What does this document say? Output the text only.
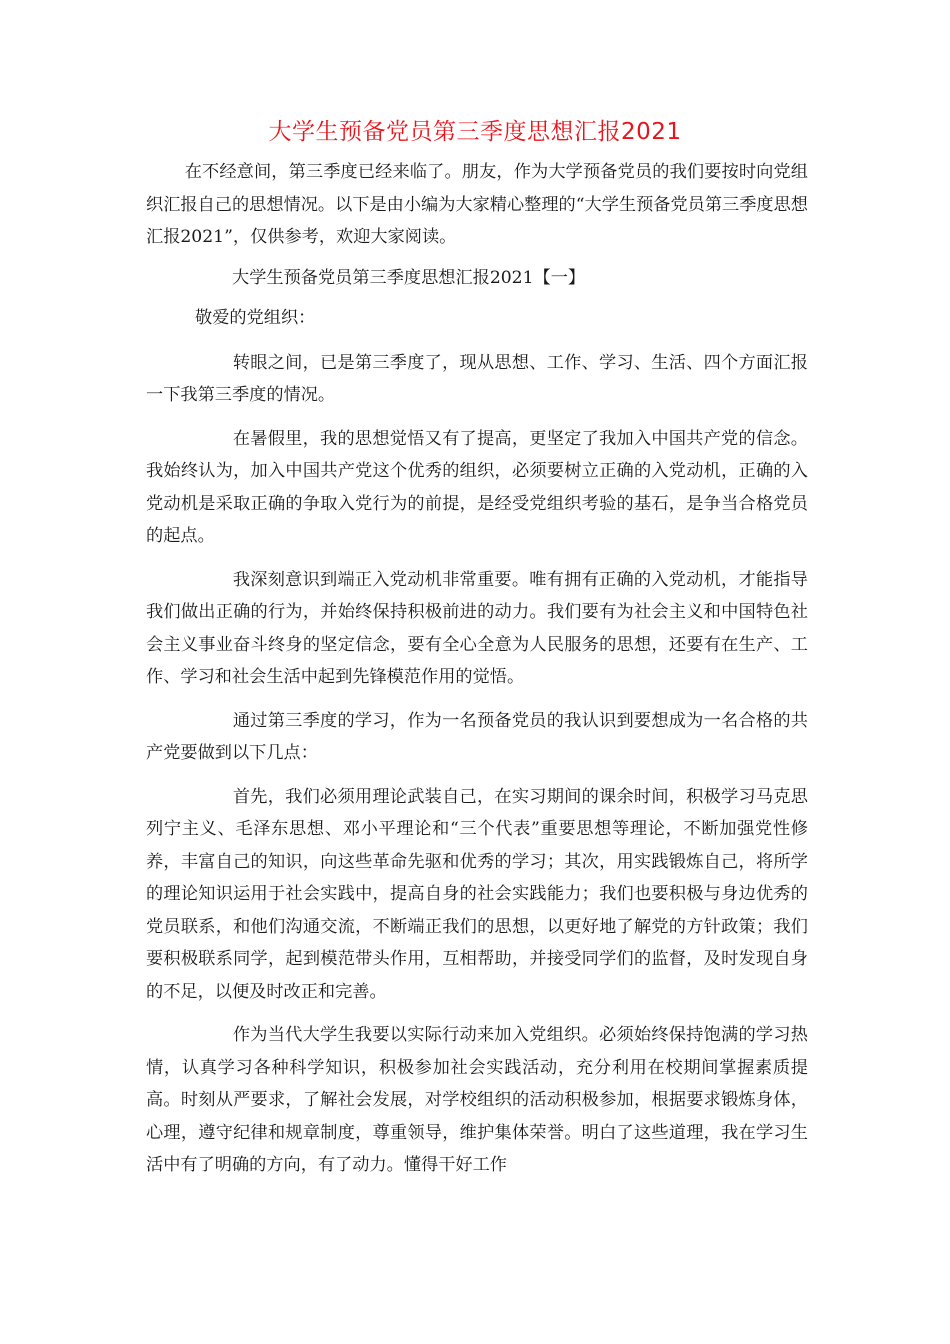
大学生预备党员第三季度思想汇报2021

在不经意间，第三季度已经来临了。朋友，作为大学预备党员的我们要按时向党组织汇报自己的思想情况。以下是由小编为大家精心整理的“大学生预备党员第三季度思想汇报2021”，仅供参考，欢迎大家阅读。

大学生预备党员第三季度思想汇报2021【一】

敬爱的党组织：

转眼之间，已是第三季度了，现从思想、工作、学习、生活、四个方面汇报一下我第三季度的情况。

在暑假里，我的思想觉悟又有了提高，更坚定了我加入中国共产党的信念。我始终认为，加入中国共产党这个优秀的组织，必须要树立正确的入党动机，正确的入党动机是采取正确的争取入党行为的前提，是经受党组织考验的基石，是争当合格党员的起点。

我深刻意识到端正入党动机非常重要。唯有拥有正确的入党动机，才能指导我们做出正确的行为，并始终保持积极前进的动力。我们要有为社会主义和中国特色社会主义事业奋斗终身的坚定信念，要有全心全意为人民服务的思想，还要有在生产、工作、学习和社会生活中起到先锋模范作用的觉悟。

通过第三季度的学习，作为一名预备党员的我认识到要想成为一名合格的共产党要做到以下几点：

首先，我们必须用理论武装自己，在实习期间的课余时间，积极学习马克思列宁主义、毛泽东思想、邓小平理论和“三个代表”重要思想等理论，不断加强党性修养，丰富自己的知识，向这些革命先驱和优秀的学习；其次，用实践锻炼自己，将所学的理论知识运用于社会实践中，提高自身的社会实践能力；我们也要积极与身边优秀的党员联系，和他们沟通交流，不断端正我们的思想，以更好地了解党的方针政策；我们要积极联系同学，起到模范带头作用，互相帮助，并接受同学们的监督，及时发现自身的不足，以便及时改正和完善。

作为当代大学生我要以实际行动来加入党组织。必须始终保持饱满的学习热情，认真学习各种科学知识，积极参加社会实践活动，充分利用在校期间掌握素质提高。时刻从严要求，了解社会发展，对学校组织的活动积极参加，根据要求锻炼身体，心理，遵守纪律和规章制度，尊重领导，维护集体荣誉。明白了这些道理，我在学习生活中有了明确的方向，有了动力。懂得干好工作
